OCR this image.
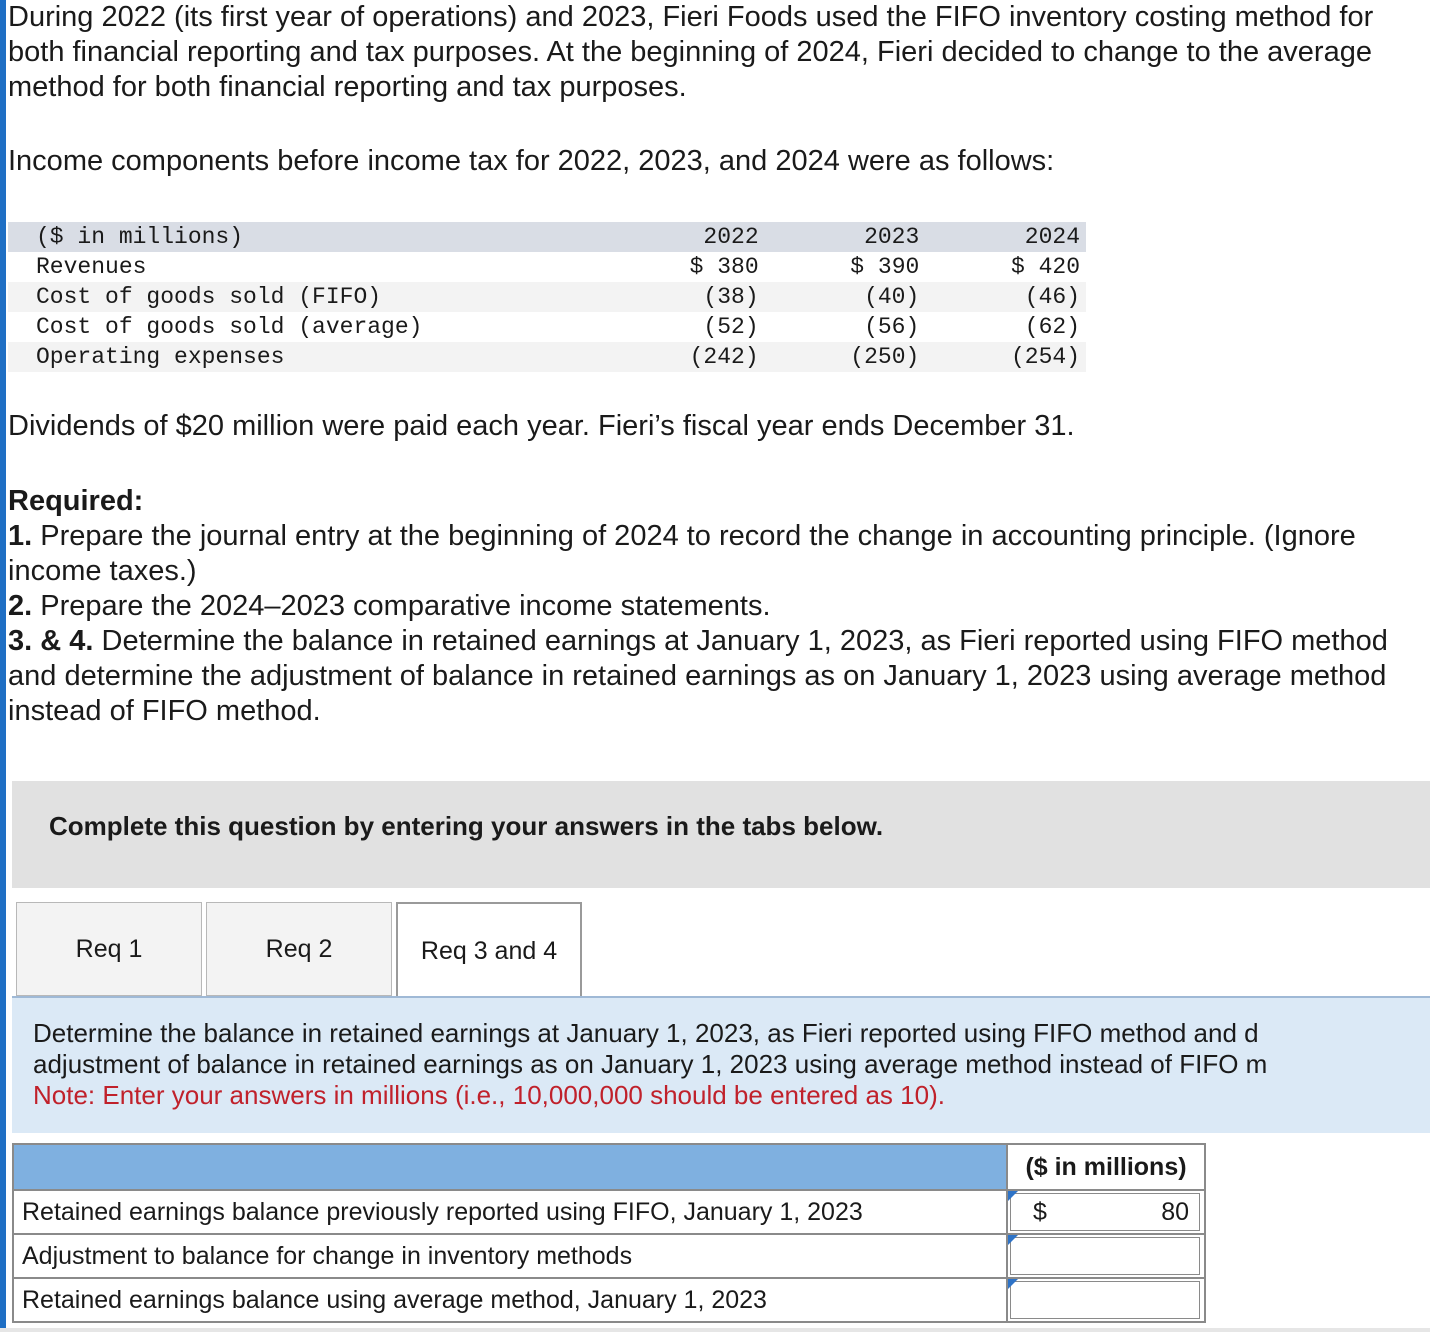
During 2022 (its first year of operations) and 2023, Fieri Foods used the FIFO inventory costing method for both financial reporting and tax purposes. At the beginning of 2024, Fieri decided to change to the average method for both financial reporting and tax purposes.
Income components before income tax for 2022, 2023, and 2024 were as follows:
($ in millions)	2022	2023	2024
Revenues	$ 380	$ 390	$ 420
Cost of goods sold (FIFO)	(38)	(40)	(46)
Cost of goods sold (average)	(52)	(56)	(62)
Operating expenses	(242)	(250)	(254)
Dividends of $20 million were paid each year. Fieri’s fiscal year ends December 31.
Required:
1. Prepare the journal entry at the beginning of 2024 to record the change in accounting principle. (Ignore income taxes.)
2. Prepare the 2024–2023 comparative income statements.
3. & 4. Determine the balance in retained earnings at January 1, 2023, as Fieri reported using FIFO method and determine the adjustment of balance in retained earnings as on January 1, 2023 using average method instead of FIFO method.
Complete this question by entering your answers in the tabs below.
Req 1	Req 2	Req 3 and 4
Determine the balance in retained earnings at January 1, 2023, as Fieri reported using FIFO method and d
adjustment of balance in retained earnings as on January 1, 2023 using average method instead of FIFO m
Note: Enter your answers in millions (i.e., 10,000,000 should be entered as 10).
	($ in millions)
Retained earnings balance previously reported using FIFO, January 1, 2023	$ 80

Adjustment to balance for change in inventory methods	

Retained earnings balance using average method, January 1, 2023	
